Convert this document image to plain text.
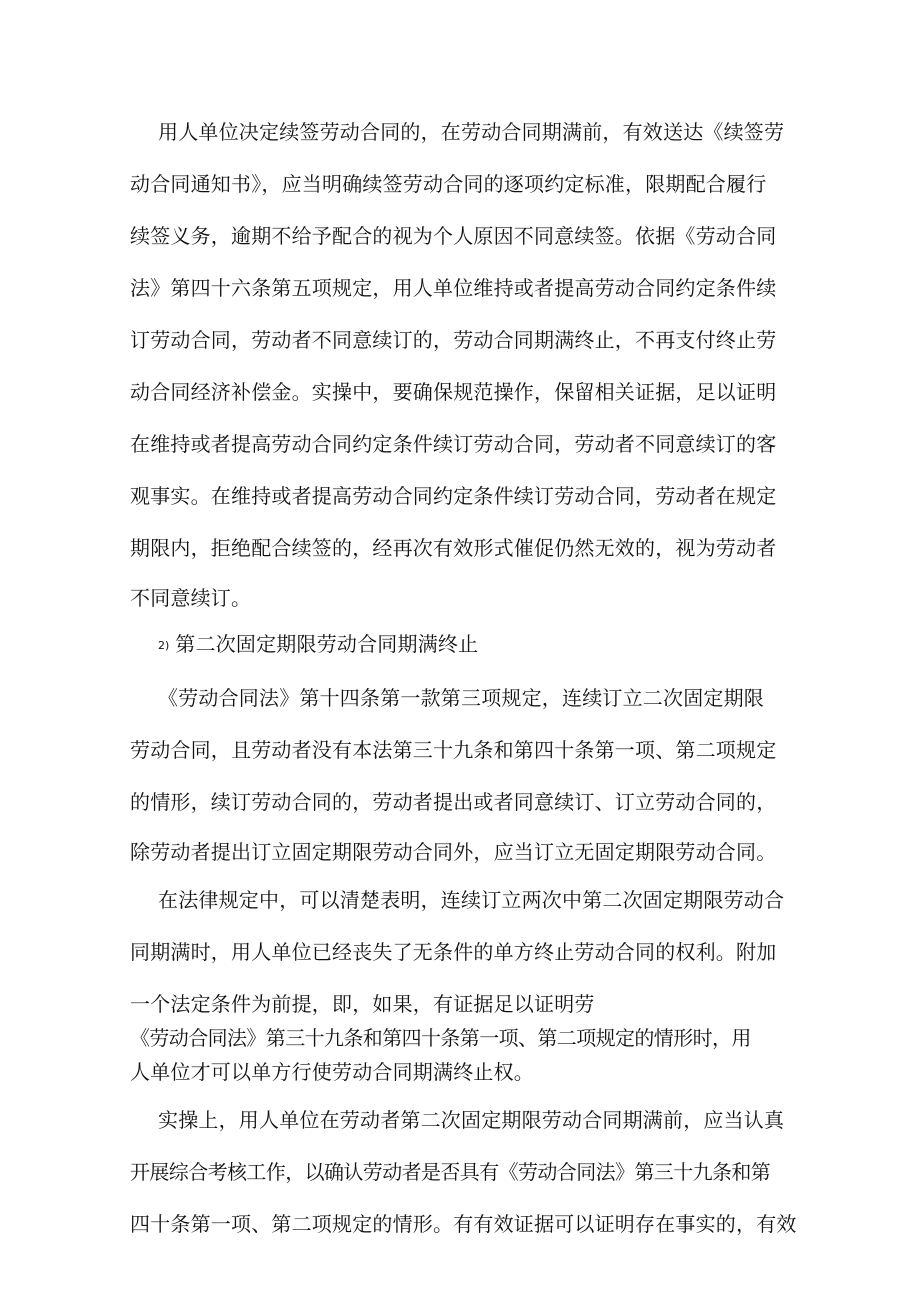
用人单位决定续签劳动合同的，在劳动合同期满前，有效送达《续签劳
动合同通知书》，应当明确续签劳动合同的逐项约定标准，限期配合履行
续签义务，逾期不给予配合的视为个人原因不同意续签。依据《劳动合同
法》第四十六条第五项规定，用人单位维持或者提高劳动合同约定条件续
订劳动合同，劳动者不同意续订的，劳动合同期满终止，不再支付终止劳
动合同经济补偿金。实操中，要确保规范操作，保留相关证据，足以证明
在维持或者提高劳动合同约定条件续订劳动合同，劳动者不同意续订的客
观事实。在维持或者提高劳动合同约定条件续订劳动合同，劳动者在规定
期限内，拒绝配合续签的，经再次有效形式催促仍然无效的，视为劳动者
不同意续订。
2) 第二次固定期限劳动合同期满终止
《劳动合同法》第十四条第一款第三项规定，连续订立二次固定期限
劳动合同，且劳动者没有本法第三十九条和第四十条第一项、第二项规定
的情形，续订劳动合同的，劳动者提出或者同意续订、订立劳动合同的，
除劳动者提出订立固定期限劳动合同外，应当订立无固定期限劳动合同。
在法律规定中，可以清楚表明，连续订立两次中第二次固定期限劳动合
同期满时，用人单位已经丧失了无条件的单方终止劳动合同的权利。附加
一个法定条件为前提，即，如果，有证据足以证明劳
《劳动合同法》第三十九条和第四十条第一项、第二项规定的情形时，用
人单位才可以单方行使劳动合同期满终止权。
实操上，用人单位在劳动者第二次固定期限劳动合同期满前，应当认真
开展综合考核工作，以确认劳动者是否具有《劳动合同法》第三十九条和第
四十条第一项、第二项规定的情形。有有效证据可以证明存在事实的，有效
